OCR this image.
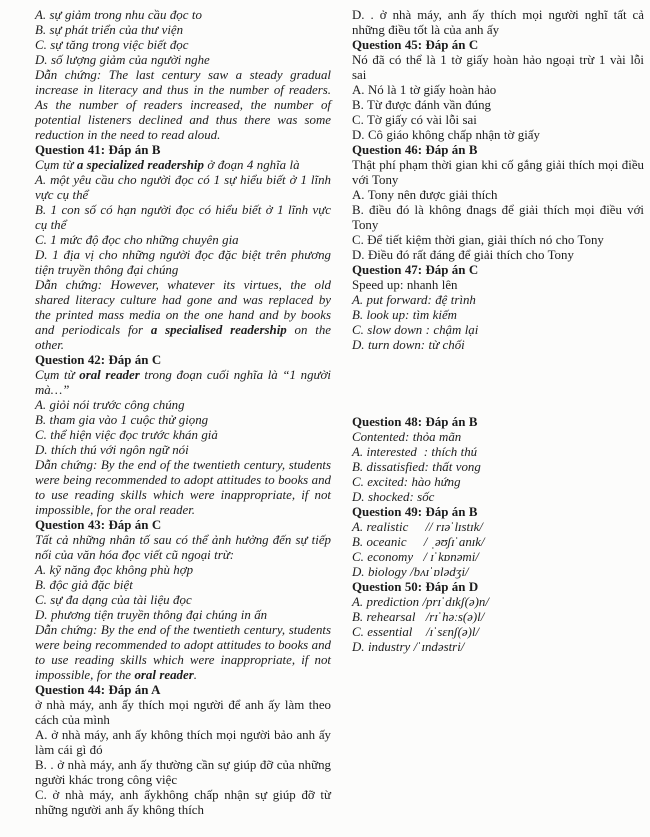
A. sự giảm trong nhu cầu đọc to

B. sự phát triển của thư viện

C. sự tăng trong việc biết đọc

D. số lượng giảm của người nghe

Dẫn chứng: The last century saw a steady gradual increase in literacy and thus in the number of readers. As the number of readers increased, the number of potential listeners declined and thus there was some reduction in the need to read aloud.

Question 41: Đáp án B

Cụm từ a specialized readership ở đoạn 4 nghĩa là

A. một yêu cầu cho người đọc có 1 sự hiểu biết ở 1 lĩnh vực cụ thể

B. 1 con số có hạn người đọc có hiểu biết ở 1 lĩnh vực cụ thể

C. 1 mức độ đọc cho những chuyên gia

D. 1 địa vị cho những người đọc đặc biệt trên phương tiện truyền thông đại chúng

Dẫn chứng: However, whatever its virtues, the old shared literacy culture had gone and was replaced by the printed mass media on the one hand and by books and periodicals for a specialised readership on the other.

Question 42: Đáp án C

Cụm từ oral reader trong đoạn cuối nghĩa là “1 người mà…”

A. giỏi nói trước công chúng

B. tham gia vào 1 cuộc thử giọng

C. thể hiện việc đọc trước khán giả

D. thích thú với ngôn ngữ nói

Dẫn chứng: By the end of the twentieth century, students were being recommended to adopt attitudes to books and to use reading skills which were inappropriate, if not impossible, for the oral reader.

Question 43: Đáp án C

Tất cả những nhân tố sau có thể ảnh hưởng đến sự tiếp nối của văn hóa đọc viết cũ ngoại trừ:

A. kỹ năng đọc không phù hợp

B. độc giả đặc biệt

C. sự đa dạng của tài liệu đọc

D. phương tiện truyền thông đại chúng in ấn

Dẫn chứng: By the end of the twentieth century, students were being recommended to adopt attitudes to books and to use reading skills which were inappropriate, if not impossible, for the oral reader.

Question 44: Đáp án A

ở nhà máy, anh ấy thích mọi người để anh ấy làm theo cách của mình

A. ở nhà máy, anh ấy không thích mọi người bảo anh ấy làm cái gì đó

B. . ở nhà máy, anh ấy thường cần sự giúp đỡ của những người khác trong công việc

C. ở nhà máy, anh ấykhông chấp nhận sự giúp đỡ từ những người anh ấy không thích

D. . ở nhà máy, anh ấy thích mọi người nghĩ tất cả những điều tốt là của anh ấy

Question 45: Đáp án C

Nó đã có thể là 1 tờ giấy hoàn hảo ngoại trừ 1 vài lỗi sai

A. Nó là 1 tờ giấy hoàn hảo

B. Từ được đánh vần đúng

C. Tờ giấy có vài lỗi sai

D. Cô giáo không chấp nhận tờ giấy

Question 46: Đáp án B

Thật phí phạm thời gian khi cố gắng giải thích mọi điều với Tony

A. Tony nên được giải thích

B. điều đó là không đnags để giải thích mọi điều với Tony

C. Để tiết kiệm thời gian, giải thích nó cho Tony

D. Điều đó rất đáng để giải thích cho Tony

Question 47: Đáp án C

Speed up: nhanh lên

A. put forward: đệ trình

B. look up: tìm kiếm

C. slow down : chậm lại

D. turn down: từ chối

Question 48: Đáp án B

Contented: thỏa mãn

A. interested  : thích thú

B. dissatisfied: thất vong

C. excited: hào hứng

D. shocked: sốc

Question 49: Đáp án B

A. realistic     // rɪəˈlɪstɪk/

B. oceanic     / ˌəʊʃɪˈanɪk/

C. economy   / ɪˈkɒnəmi/

D. biology /bʌɪˈɒlədʒi/

Question 50: Đáp án D

A. prediction /prɪˈdɪkʃ(ə)n/

B. rehearsal   /rɪˈhəːs(ə)l/

C. essential    /ɪˈsɛnʃ(ə)l/

D. industry /ˈɪndəstri/
